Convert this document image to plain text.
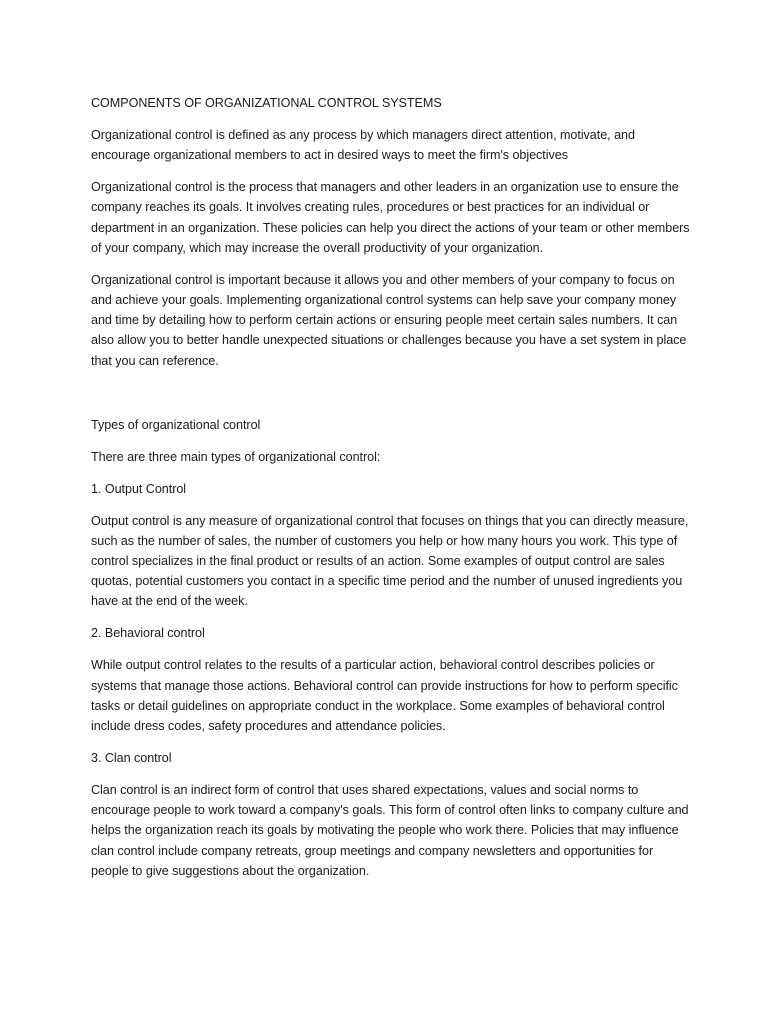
COMPONENTS OF ORGANIZATIONAL CONTROL SYSTEMS

Organizational control is defined as any process by which managers direct attention, motivate, and encourage organizational members to act in desired ways to meet the firm's objectives

Organizational control is the process that managers and other leaders in an organization use to ensure the company reaches its goals. It involves creating rules, procedures or best practices for an individual or department in an organization. These policies can help you direct the actions of your team or other members of your company, which may increase the overall productivity of your organization.

Organizational control is important because it allows you and other members of your company to focus on and achieve your goals. Implementing organizational control systems can help save your company money and time by detailing how to perform certain actions or ensuring people meet certain sales numbers. It can also allow you to better handle unexpected situations or challenges because you have a set system in place that you can reference.

Types of organizational control

There are three main types of organizational control:

1. Output Control

Output control is any measure of organizational control that focuses on things that you can directly measure, such as the number of sales, the number of customers you help or how many hours you work. This type of control specializes in the final product or results of an action. Some examples of output control are sales quotas, potential customers you contact in a specific time period and the number of unused ingredients you have at the end of the week.

2. Behavioral control

While output control relates to the results of a particular action, behavioral control describes policies or systems that manage those actions. Behavioral control can provide instructions for how to perform specific tasks or detail guidelines on appropriate conduct in the workplace. Some examples of behavioral control include dress codes, safety procedures and attendance policies.

3. Clan control

Clan control is an indirect form of control that uses shared expectations, values and social norms to encourage people to work toward a company's goals. This form of control often links to company culture and helps the organization reach its goals by motivating the people who work there. Policies that may influence clan control include company retreats, group meetings and company newsletters and opportunities for people to give suggestions about the organization.
